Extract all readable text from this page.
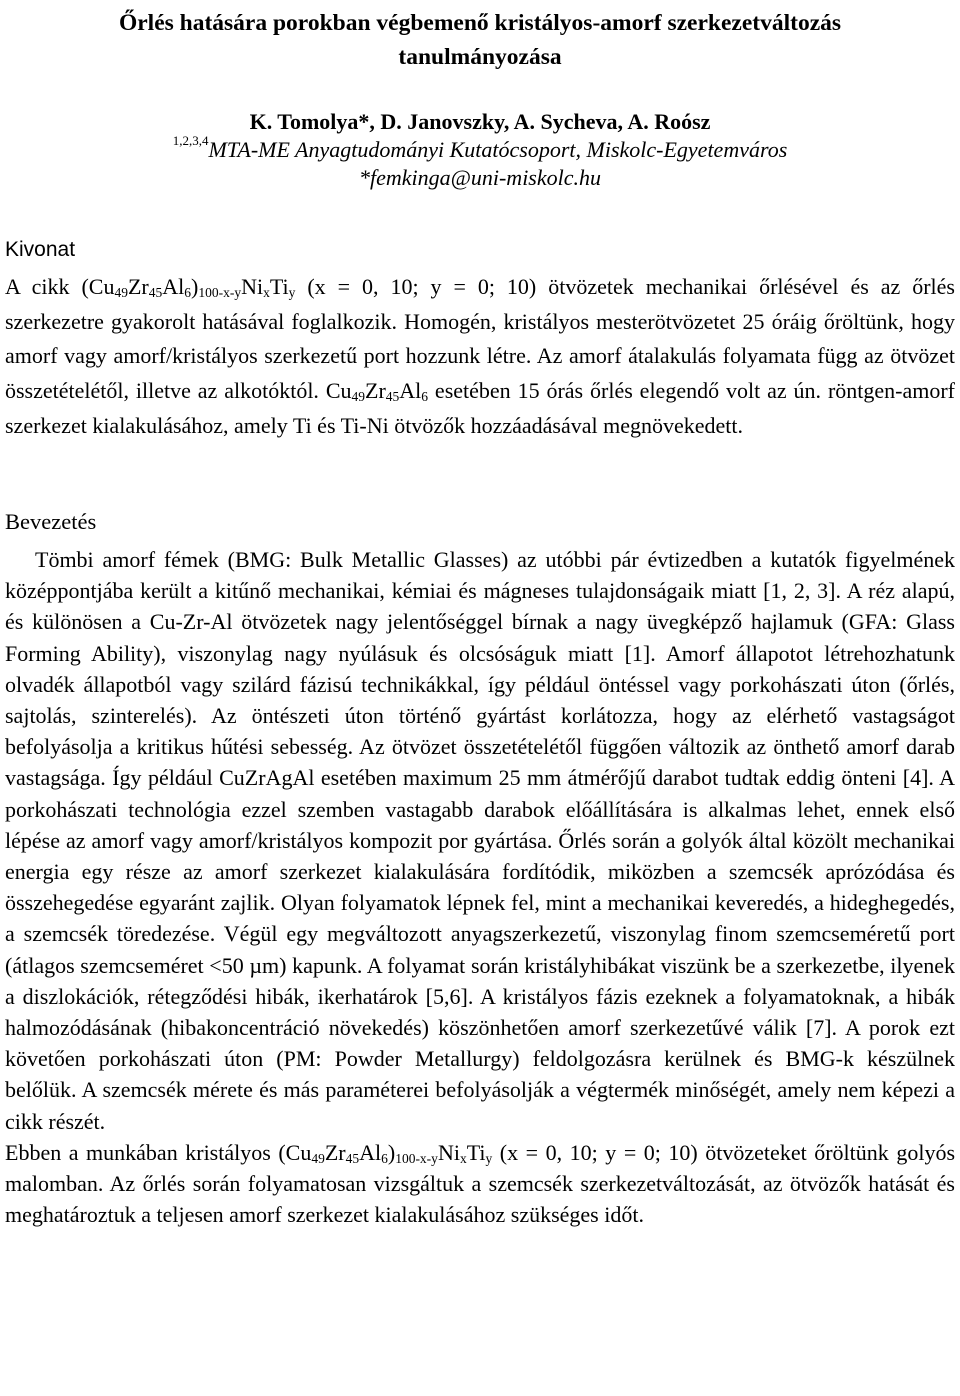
Őrlés hatására porokban végbemenő kristályos-amorf szerkezetváltozás
tanulmányozása
K. Tomolya*, D. Janovszky, A. Sycheva, A. Roósz
$^{1,2,3,4}$MTA-ME Anyagtudományi Kutatócsoport, Miskolc-Egyetemváros
*femkinga@uni-miskolc.hu
Kivonat

A cikk $(Cu_{49}Zr_{45}Al_6)_{100-x-y}Ni_xTi_y$ (x = 0, 10; y = 0; 10) ötvözetek mechanikai őrlésével és az őrlés szerkezetre gyakorolt hatásával foglalkozik. Homogén, kristályos mesterötvözetet 25 óráig őröltünk, hogy amorf vagy amorf/kristályos szerkezetű port hozzunk létre. Az amorf átalakulás folyamata függ az ötvözet összetételétől, illetve az alkotóktól. $Cu_{49}Zr_{45}Al_6$ esetében 15 órás őrlés elegendő volt az ún. röntgen-amorf szerkezet kialakulásához, amely Ti és Ti-Ni ötvözők hozzáadásával megnövekedett.

Bevezetés

Tömbi amorf fémek (BMG: Bulk Metallic Glasses) az utóbbi pár évtizedben a kutatók figyelmének középpontjába került a kitűnő mechanikai, kémiai és mágneses tulajdonságaik miatt [1, 2, 3]. A réz alapú, és különösen a Cu-Zr-Al ötvözetek nagy jelentőséggel bírnak a nagy üvegképző hajlamuk (GFA: Glass Forming Ability), viszonylag nagy nyúlásuk és olcsóságuk miatt [1]. Amorf állapotot létrehozhatunk olvadék állapotból vagy szilárd fázisú technikákkal, így például öntéssel vagy porkohászati úton (őrlés, sajtolás, szinterelés). Az öntészeti úton történő gyártást korlátozza, hogy az elérhető vastagságot befolyásolja a kritikus hűtési sebesség. Az ötvözet összetételétől függően változik az önthető amorf darab vastagsága. Így például CuZrAgAl esetében maximum 25 mm átmérőjű darabot tudtak eddig önteni [4]. A porkohászati technológia ezzel szemben vastagabb darabok előállítására is alkalmas lehet, ennek első lépése az amorf vagy amorf/kristályos kompozit por gyártása. Őrlés során a golyók által közölt mechanikai energia egy része az amorf szerkezet kialakulására fordítódik, miközben a szemcsék aprózódása és összehegedése egyaránt zajlik. Olyan folyamatok lépnek fel, mint a mechanikai keveredés, a hideghegedés, a szemcsék töredezése. Végül egy megváltozott anyagszerkezetű, viszonylag finom szemcseméretű port (átlagos szemcseméret <50 µm) kapunk. A folyamat során kristályhibákat viszünk be a szerkezetbe, ilyenek a diszlokációk, rétegződési hibák, ikerhatárok [5,6]. A kristályos fázis ezeknek a folyamatoknak, a hibák halmozódásának (hibakoncentráció növekedés) köszönhetően amorf szerkezetűvé válik [7]. A porok ezt követően porkohászati úton (PM: Powder Metallurgy) feldolgozásra kerülnek és BMG-k készülnek belőlük. A szemcsék mérete és más paraméterei befolyásolják a végtermék minőségét, amely nem képezi a cikk részét.

Ebben a munkában kristályos $(Cu_{49}Zr_{45}Al_6)_{100-x-y}Ni_xTi_y$ (x = 0, 10; y = 0; 10) ötvözeteket őröltünk golyós malomban. Az őrlés során folyamatosan vizsgáltuk a szemcsék szerkezetváltozását, az ötvözők hatását és meghatároztuk a teljesen amorf szerkezet kialakulásához szükséges időt.
